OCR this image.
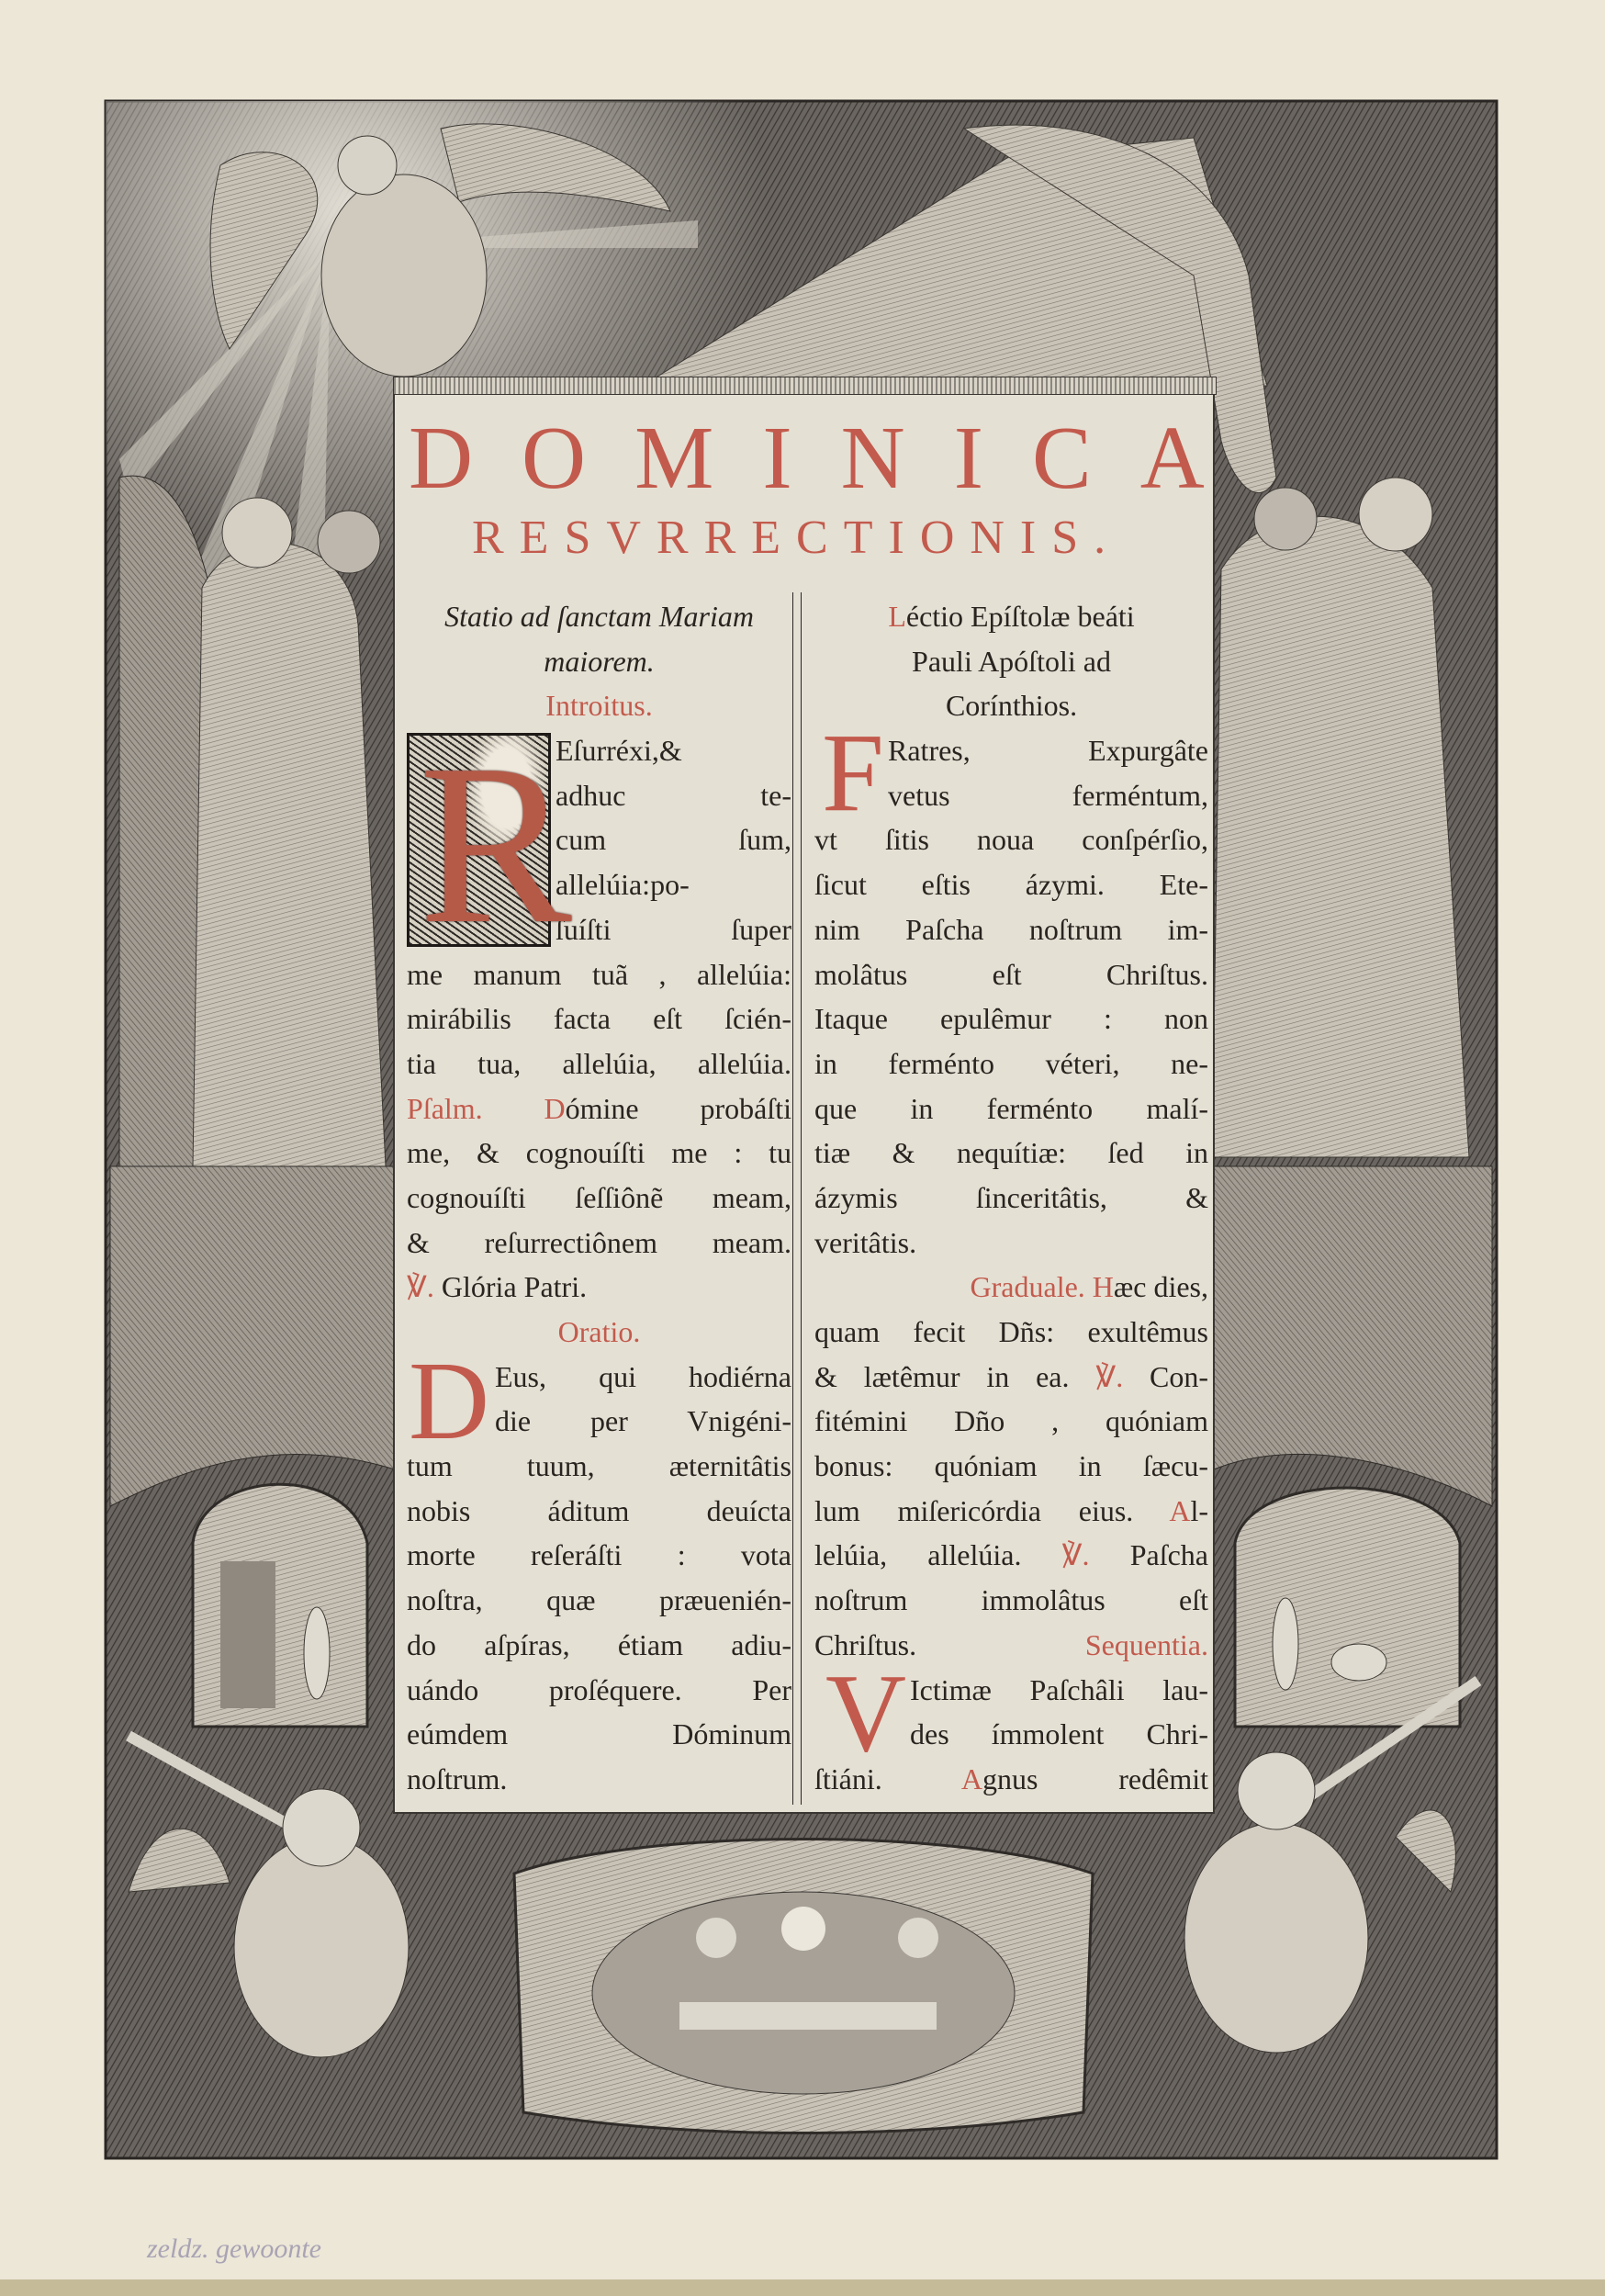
DOMINICA
RESVRRECTIONIS.
R
D
Statio ad ſanctam Mariam
maiorem.
Introitus.
Eſurréxi,&
adhuc te-
cum ſum,
allelúia:po-
ſuíſti ſuper
me manum tuã , allelúia:
mirábilis facta eſt ſcién-
tia tua, allelúia, allelúia.
Pſalm. Dómine probáſti
me, & cognouíſti me : tu
cognouíſti ſeſſiônẽ meam,
& reſurrectiônem meam.
℣. Glória Patri.
Oratio.
Eus, qui hodiérna
die per Vnigéni-
tum tuum, æternitâtis
nobis áditum deuícta
morte reſeráſti : vota
noſtra, quæ præuenién-
do aſpíras, étiam adiu-
uándo proſéquere. Per
eúmdem Dóminum
noſtrum.
F
V
Léctio Epíſtolæ beáti
Pauli Apóſtoli ad
Corínthios.
Ratres, Expurgâte
vetus ferméntum,
vt ſitis noua conſpérſio,
ſicut eſtis ázymi. Ete-
nim Paſcha noſtrum im-
molâtus eſt Chriſtus.
Itaque epulêmur : non
in ferménto véteri, ne-
que in ferménto malí-
tiæ & nequítiæ: ſed in
ázymis ſinceritâtis, &
veritâtis.
Graduale. Hæc dies,
quam fecit Dñs: exultêmus
& lætêmur in ea. ℣. Con-
fitémini Dño , quóniam
bonus: quóniam in ſæcu-
lum miſericórdia eius. Al-
lelúia, allelúia. ℣. Paſcha
noſtrum immolâtus eſt
Chriſtus. Sequentia.
Ictimæ Paſchâli lau-
des ímmolent Chri-
ſtiáni. Agnus redêmit
zeldz. gewoonte
